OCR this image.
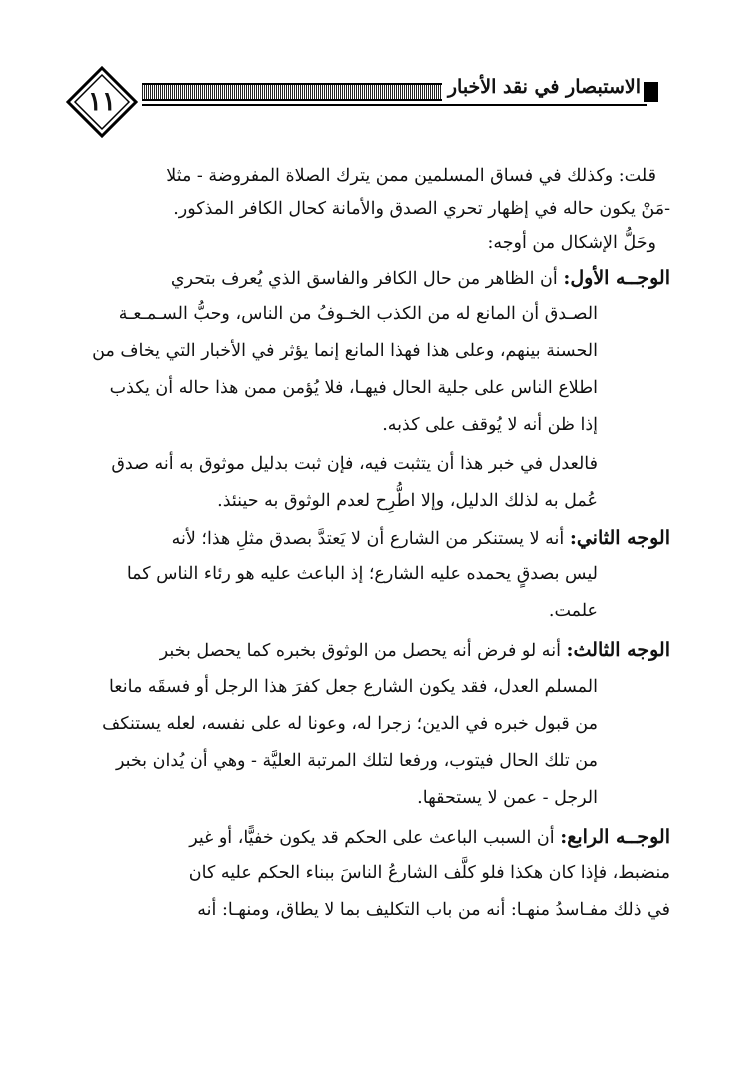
١١	الاستبصار في نقد الأخبار
قلت: وكذلك في فساق المسلمين ممن يترك الصلاة المفروضة - مثلا
-مَنْ يكون حاله في إظهار تحري الصدق والأمانة كحال الكافر المذكور.
وحَلُّ الإشكال من أوجه:
الوجــه الأول: أن الظاهر من حال الكافر والفاسق الذي يُعرف بتحري
الصـدق أن المانع له من الكذب الخـوفُ من الناس، وحبُّ السـمـعـة
الحسنة بينهم، وعلى هذا فهذا المانع إنما يؤثر في الأخبار التي يخاف من
اطلاع الناس على جلية الحال فيهـا، فلا يُؤمن ممن هذا حاله أن يكذب
إذا ظن أنه لا يُوقف على كذبه.
فالعدل في خبر هذا أن يتثبت فيه، فإن ثبت بدليل موثوق به أنه صدق
عُمل به لذلك الدليل، وإلا اطُّرِح لعدم الوثوق به حينئذ.
الوجه الثاني: أنه لا يستنكر من الشارع أن لا يَعتدَّ بصدق مثلِ هذا؛ لأنه
ليس بصدقٍ يحمده عليه الشارع؛ إذ الباعث عليه هو رئاء الناس كما
علمت.
الوجه الثالث: أنه لو فرض أنه يحصل من الوثوق بخبره كما يحصل بخبر
المسلم العدل، فقد يكون الشارع جعل كفرَ هذا الرجل أو فسقَه مانعا
من قبول خبره في الدين؛ زجرا له، وعونا له على نفسه، لعله يستنكف
من تلك الحال فيتوب، ورفعا لتلك المرتبة العليَّة - وهي أن يُدان بخبر
الرجل - عمن لا يستحقها.
الوجــه الرابع: أن السبب الباعث على الحكم قد يكون خفيًّا، أو غير
منضبط، فإذا كان هكذا فلو كلَّف الشارعُ الناسَ ببناء الحكم عليه كان
في ذلك مفـاسدُ منهـا: أنه من باب التكليف بما لا يطاق، ومنهـا: أنه
